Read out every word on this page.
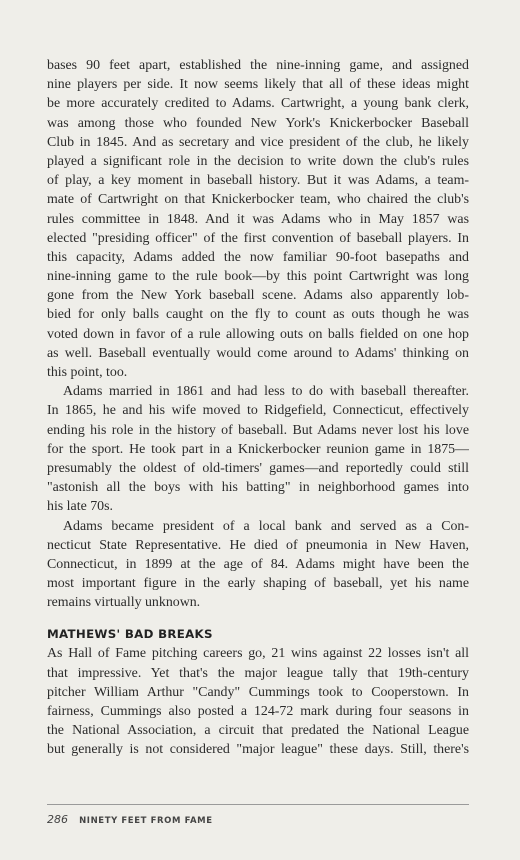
bases 90 feet apart, established the nine-inning game, and assigned
nine players per side. It now seems likely that all of these ideas might
be more accurately credited to Adams. Cartwright, a young bank clerk,
was among those who founded New York's Knickerbocker Baseball
Club in 1845. And as secretary and vice president of the club, he likely
played a significant role in the decision to write down the club's rules
of play, a key moment in baseball history. But it was Adams, a team-
mate of Cartwright on that Knickerbocker team, who chaired the club's
rules committee in 1848. And it was Adams who in May 1857 was
elected "presiding officer" of the first convention of baseball players. In
this capacity, Adams added the now familiar 90-foot basepaths and
nine-inning game to the rule book—by this point Cartwright was long
gone from the New York baseball scene. Adams also apparently lob-
bied for only balls caught on the fly to count as outs though he was
voted down in favor of a rule allowing outs on balls fielded on one hop
as well. Baseball eventually would come around to Adams' thinking on
this point, too.
Adams married in 1861 and had less to do with baseball thereafter.
In 1865, he and his wife moved to Ridgefield, Connecticut, effectively
ending his role in the history of baseball. But Adams never lost his love
for the sport. He took part in a Knickerbocker reunion game in 1875—
presumably the oldest of old-timers' games—and reportedly could still
"astonish all the boys with his batting" in neighborhood games into
his late 70s.
Adams became president of a local bank and served as a Con-
necticut State Representative. He died of pneumonia in New Haven,
Connecticut, in 1899 at the age of 84. Adams might have been the
most important figure in the early shaping of baseball, yet his name
remains virtually unknown.
MATHEWS' BAD BREAKS
As Hall of Fame pitching careers go, 21 wins against 22 losses isn't all
that impressive. Yet that's the major league tally that 19th-century
pitcher William Arthur "Candy" Cummings took to Cooperstown. In
fairness, Cummings also posted a 124-72 mark during four seasons in
the National Association, a circuit that predated the National League
but generally is not considered "major league" these days. Still, there's
286 NINETY FEET FROM FAME
